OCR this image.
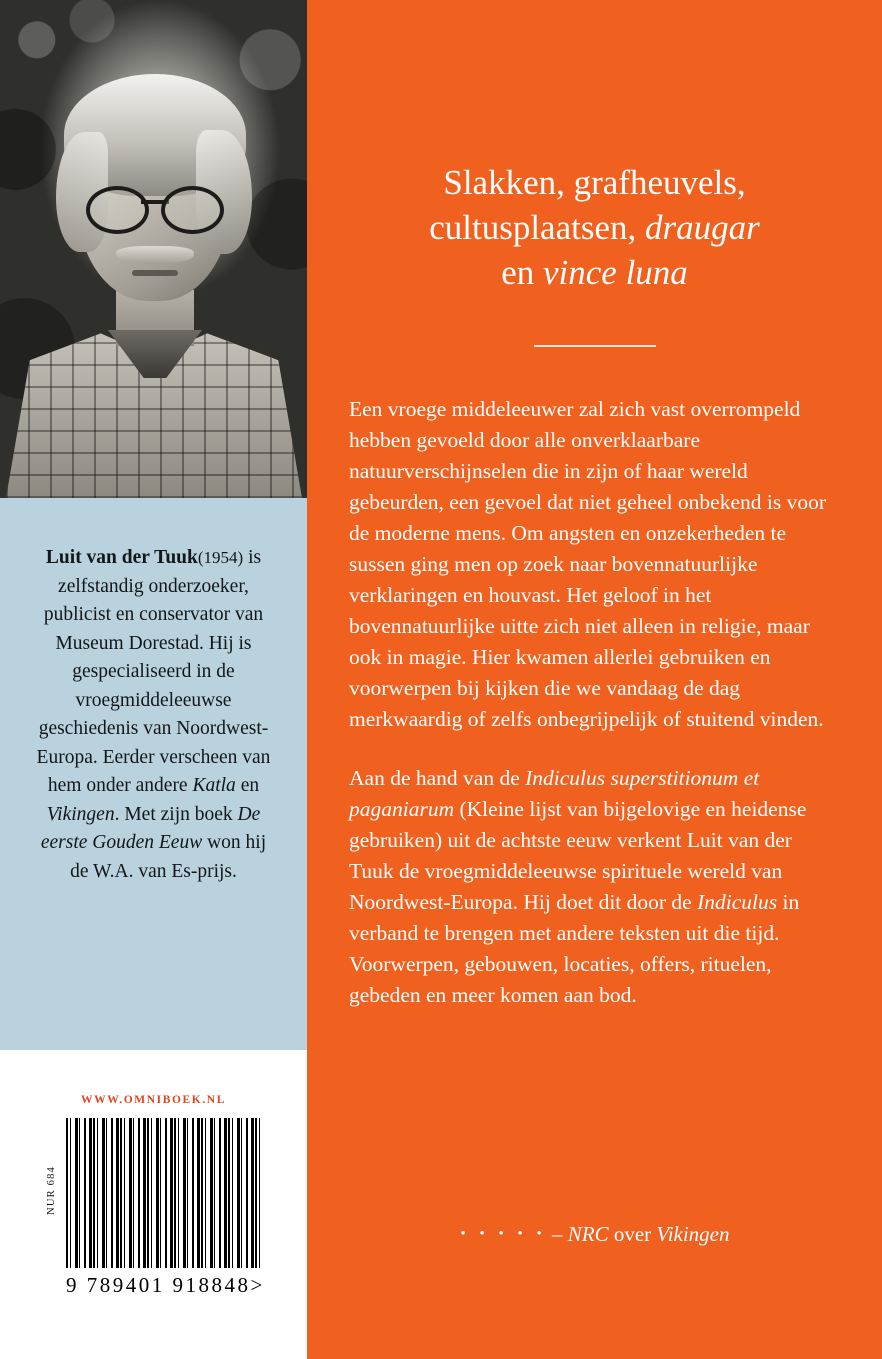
Luit van der Tuuk(1954) is zelfstandig onderzoeker, publicist en conservator van Museum Dorestad. Hij is gespecialiseerd in de vroegmiddeleeuwse geschiedenis van Noordwest-Europa. Eerder verscheen van hem onder andere Katla en Vikingen. Met zijn boek De eerste Gouden Eeuw won hij de W.A. van Es-prijs.

WWW.OMNIBOEK.NL
NUR 684
9 789401 918848>
Slakken, grafheuvels,
cultusplaatsen, draugar
en vince luna

Een vroege middeleeuwer zal zich vast overrompeld hebben gevoeld door alle onverklaarbare natuurverschijnselen die in zijn of haar wereld gebeurden, een gevoel dat niet geheel onbekend is voor de moderne mens. Om angsten en onzekerheden te sussen ging men op zoek naar bovennatuurlijke verklaringen en houvast. Het geloof in het bovennatuurlijke uitte zich niet alleen in religie, maar ook in magie. Hier kwamen allerlei gebruiken en voorwerpen bij kijken die we vandaag de dag merkwaardig of zelfs onbegrijpelijk of stuitend vinden.

Aan de hand van de Indiculus superstitionum et paganiarum (Kleine lijst van bijgelovige en heidense gebruiken) uit de achtste eeuw verkent Luit van der Tuuk de vroegmiddeleeuwse spirituele wereld van Noordwest-Europa. Hij doet dit door de Indiculus in verband te brengen met andere teksten uit die tijd. Voorwerpen, gebouwen, locaties, offers, rituelen, gebeden en meer komen aan bod.

• • • • • – NRC over Vikingen
